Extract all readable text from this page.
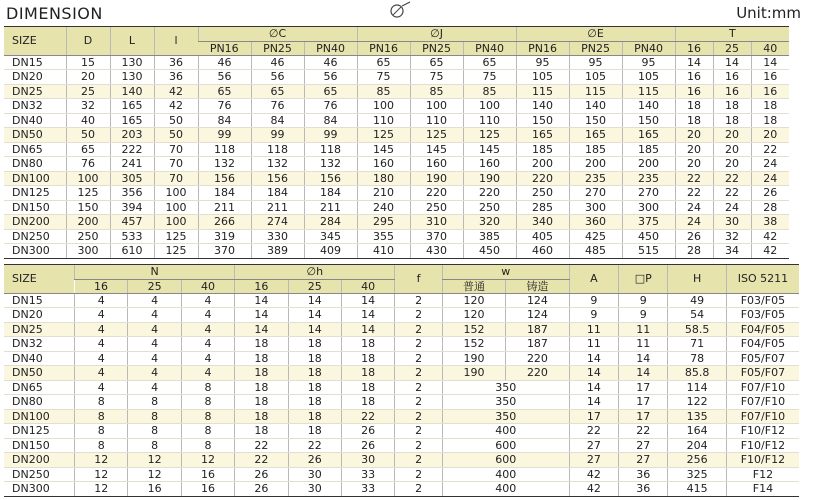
DIMENSION	Unit:mm
SIZE	D	L	l	∅C			∅J			∅E			T		
				PN16	PN25	PN40	PN16	PN25	PN40	PN16	PN25	PN40	16	25	40
DN15	15	130	36	46	46	46	65	65	65	95	95	95	14	14	14
DN20	20	130	36	56	56	56	75	75	75	105	105	105	16	16	16
DN25	25	140	42	65	65	65	85	85	85	115	115	115	16	16	16
DN32	32	165	42	76	76	76	100	100	100	140	140	140	18	18	18
DN40	40	165	50	84	84	84	110	110	110	150	150	150	18	18	18
DN50	50	203	50	99	99	99	125	125	125	165	165	165	20	20	20
DN65	65	222	70	118	118	118	145	145	145	185	185	185	20	20	22
DN80	76	241	70	132	132	132	160	160	160	200	200	200	20	20	24
DN100	100	305	70	156	156	156	180	190	190	220	235	235	22	22	24
DN125	125	356	100	184	184	184	210	220	220	250	270	270	22	22	26
DN150	150	394	100	211	211	211	240	250	250	285	300	300	24	24	28
DN200	200	457	100	266	274	284	295	310	320	340	360	375	24	30	38
DN250	250	533	125	319	330	345	355	370	385	405	425	450	26	32	42
DN300	300	610	125	370	389	409	410	430	450	460	485	515	28	34	42
SIZE	N			∅h			f	w		A	□P	H	ISO 5211
	16	25	40	16	25	40		普通	铸造				
DN15	4	4	4	14	14	14	2	120	124	9	9	49	F03/F05
DN20	4	4	4	14	14	14	2	120	124	9	9	54	F03/F05
DN25	4	4	4	14	14	14	2	152	187	11	11	58.5	F04/F05
DN32	4	4	4	18	18	18	2	152	187	11	11	71	F04/F05
DN40	4	4	4	18	18	18	2	190	220	14	14	78	F05/F07
DN50	4	4	4	18	18	18	2	190	220	14	14	85.8	F05/F07
DN65	4	4	8	18	18	18	2	350		14	17	114	F07/F10
DN80	8	8	8	18	18	18	2	350		14	17	122	F07/F10
DN100	8	8	8	18	18	22	2	350		17	17	135	F07/F10
DN125	8	8	8	18	18	26	2	400		22	22	164	F10/F12
DN150	8	8	8	22	22	26	2	600		27	27	204	F10/F12
DN200	12	12	12	22	26	30	2	600		27	27	256	F10/F12
DN250	12	12	16	26	30	33	2	400		42	36	325	F12
DN300	12	16	16	26	30	33	2	400		42	36	415	F14
